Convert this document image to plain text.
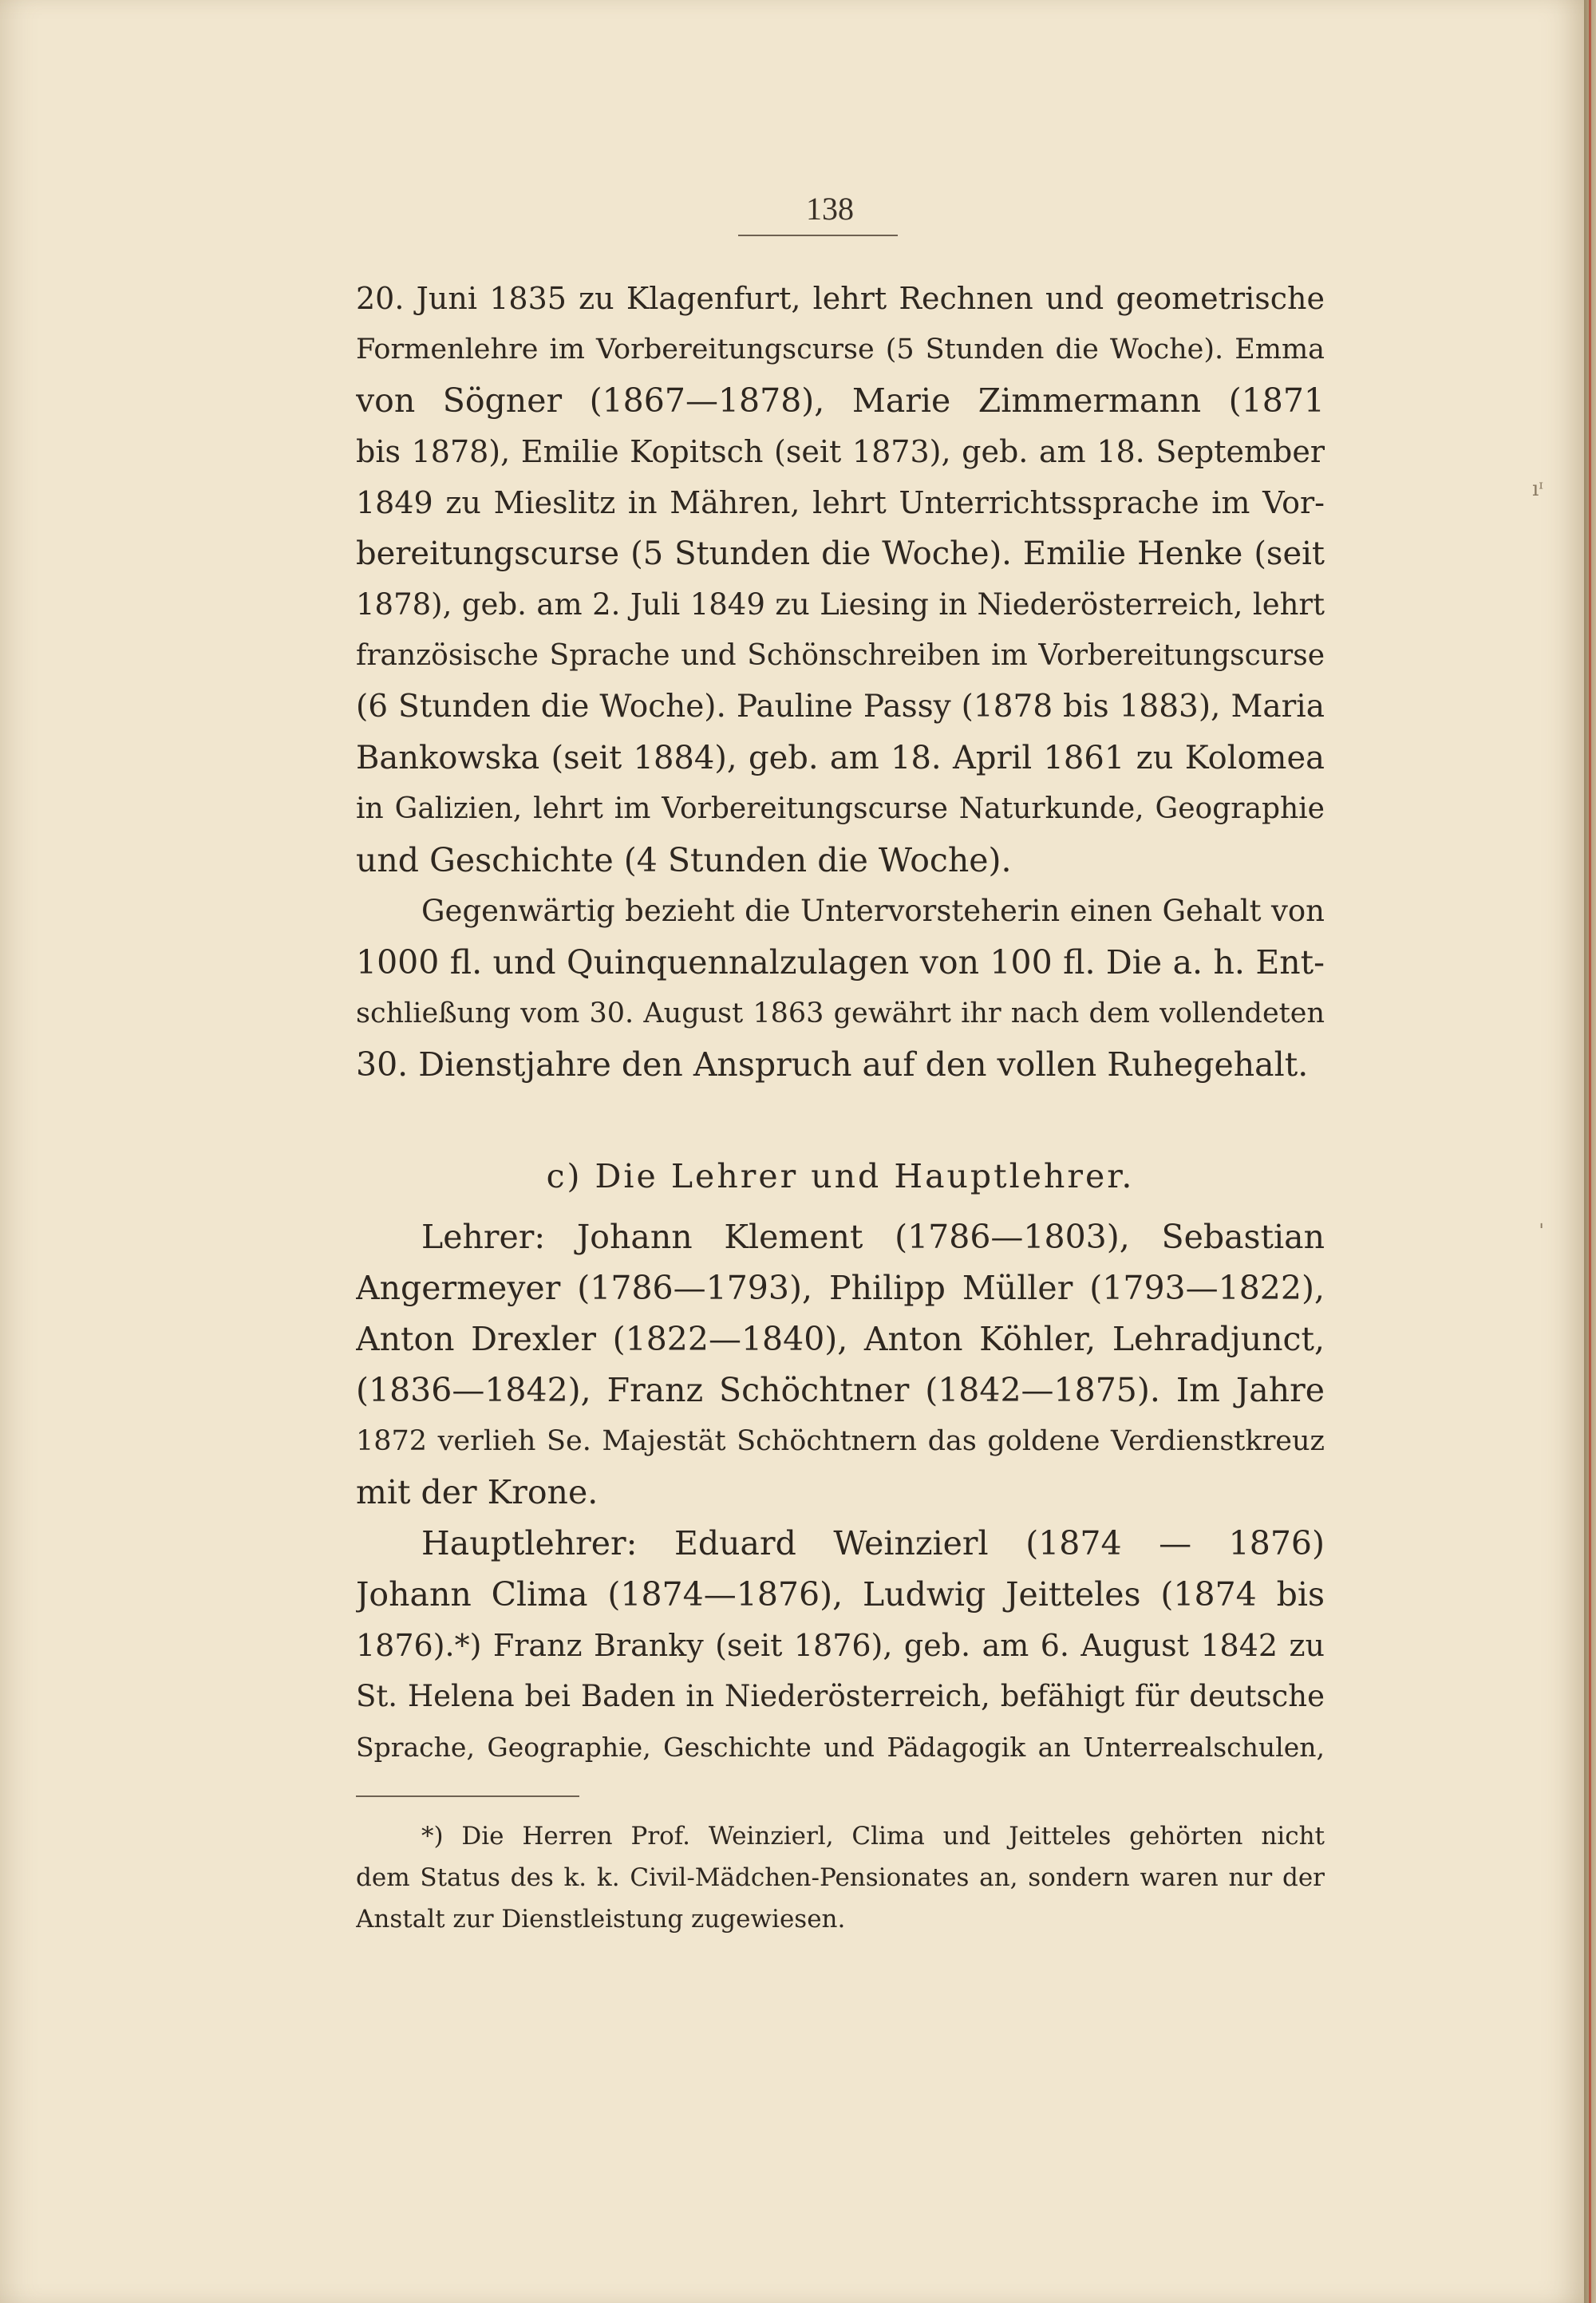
138
20. Juni 1835 zu Klagenfurt, lehrt Rechnen und geometrische
Formenlehre im Vorbereitungscurse (5 Stunden die Woche). Emma
von Sögner (1867—1878), Marie Zimmermann (1871
bis 1878), Emilie Kopitsch (seit 1873), geb. am 18. September
1849 zu Mieslitz in Mähren, lehrt Unterrichtssprache im Vor-
bereitungscurse (5 Stunden die Woche). Emilie Henke (seit
1878), geb. am 2. Juli 1849 zu Liesing in Niederösterreich, lehrt
französische Sprache und Schönschreiben im Vorbereitungscurse
(6 Stunden die Woche). Pauline Passy (1878 bis 1883), Maria
Bankowska (seit 1884), geb. am 18. April 1861 zu Kolomea
in Galizien, lehrt im Vorbereitungscurse Naturkunde, Geographie
und Geschichte (4 Stunden die Woche).
Gegenwärtig bezieht die Untervorsteherin einen Gehalt von
1000 fl. und Quinquennalzulagen von 100 fl. Die a. h. Ent-
schließung vom 30. August 1863 gewährt ihr nach dem vollendeten
30. Dienstjahre den Anspruch auf den vollen Ruhegehalt.
c) Die Lehrer und Hauptlehrer.
Lehrer: Johann Klement (1786—1803), Sebastian
Angermeyer (1786—1793), Philipp Müller (1793—1822),
Anton Drexler (1822—1840), Anton Köhler, Lehradjunct,
(1836—1842), Franz Schöchtner (1842—1875). Im Jahre
1872 verlieh Se. Majestät Schöchtnern das goldene Verdienstkreuz
mit der Krone.
Hauptlehrer: Eduard Weinzierl (1874 — 1876)
Johann Clima (1874—1876), Ludwig Jeitteles (1874 bis
1876).*) Franz Branky (seit 1876), geb. am 6. August 1842 zu
St. Helena bei Baden in Niederösterreich, befähigt für deutsche
Sprache, Geographie, Geschichte und Pädagogik an Unterrealschulen,
*) Die Herren Prof. Weinzierl, Clima und Jeitteles gehörten nicht
dem Status des k. k. Civil-Mädchen-Pensionates an, sondern waren nur der
Anstalt zur Dienstleistung zugewiesen.
ıᶦ
ˈ
